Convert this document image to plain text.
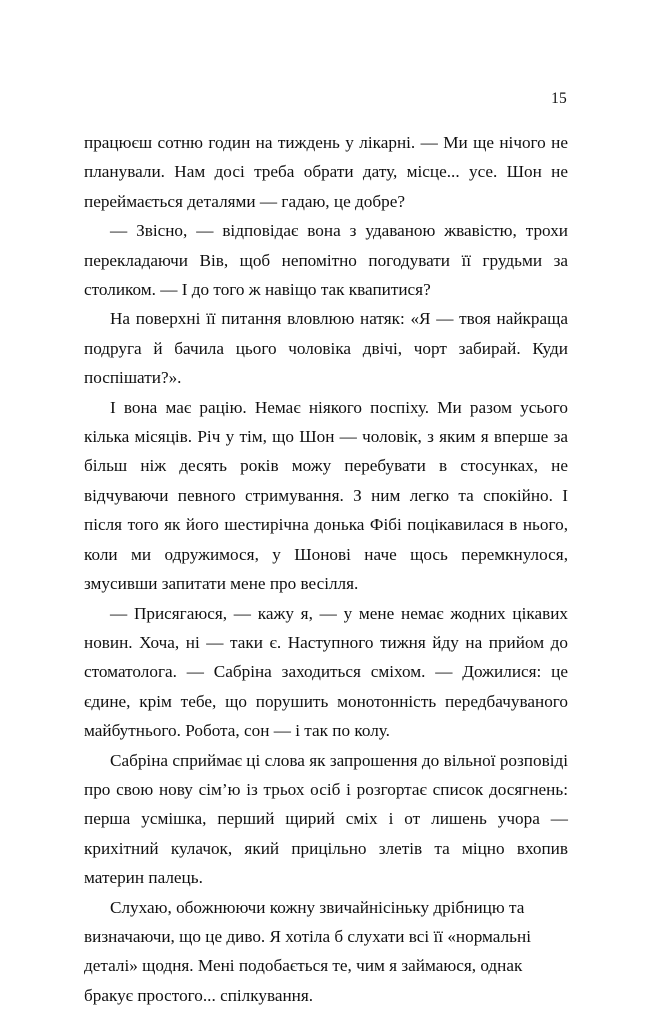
15

працюєш сотню годин на тиждень у лікарні. — Ми ще нічого не планували. Нам досі треба обрати дату, місце... усе. Шон не переймається деталями — гадаю, це добре?

— Звісно, — відповідає вона з удаваною жвавістю, трохи перекладаючи Вів, щоб непомітно погодувати її грудьми за столиком. — І до того ж навіщо так квапитися?

На поверхні її питання вловлюю натяк: «Я — твоя найкраща подруга й бачила цього чоловіка двічі, чорт забирай. Куди поспішати?».

І вона має рацію. Немає ніякого поспіху. Ми разом усього кілька місяців. Річ у тім, що Шон — чоловік, з яким я вперше за більш ніж десять років можу перебувати в стосунках, не відчуваючи певного стримування. З ним легко та спокійно. І після того як його шестирічна донька Фібі поцікавилася в нього, коли ми одружимося, у Шонові наче щось перемкнулося, змусивши запитати мене про весілля.

— Присягаюся, — кажу я, — у мене немає жодних цікавих новин. Хоча, ні — таки є. Наступного тижня йду на прийом до стоматолога. — Сабріна заходиться сміхом. — Дожилися: це єдине, крім тебе, що порушить монотонність передбачуваного майбутнього. Робота, сон — і так по колу.

Сабріна сприймає ці слова як запрошення до вільної розповіді про свою нову сім’ю із трьох осіб і розгортає список досягнень: перша усмішка, перший щирий сміх і от лишень учора — крихітний кулачок, який прицільно злетів та міцно вхопив материн палець.

Слухаю, обожнюючи кожну звичайнісіньку дрібницю та визначаючи, що це диво. Я хотіла б слухати всі її «нормальні деталі» щодня. Мені подобається те, чим я займаюся, однак бракує простого... спілкування.
